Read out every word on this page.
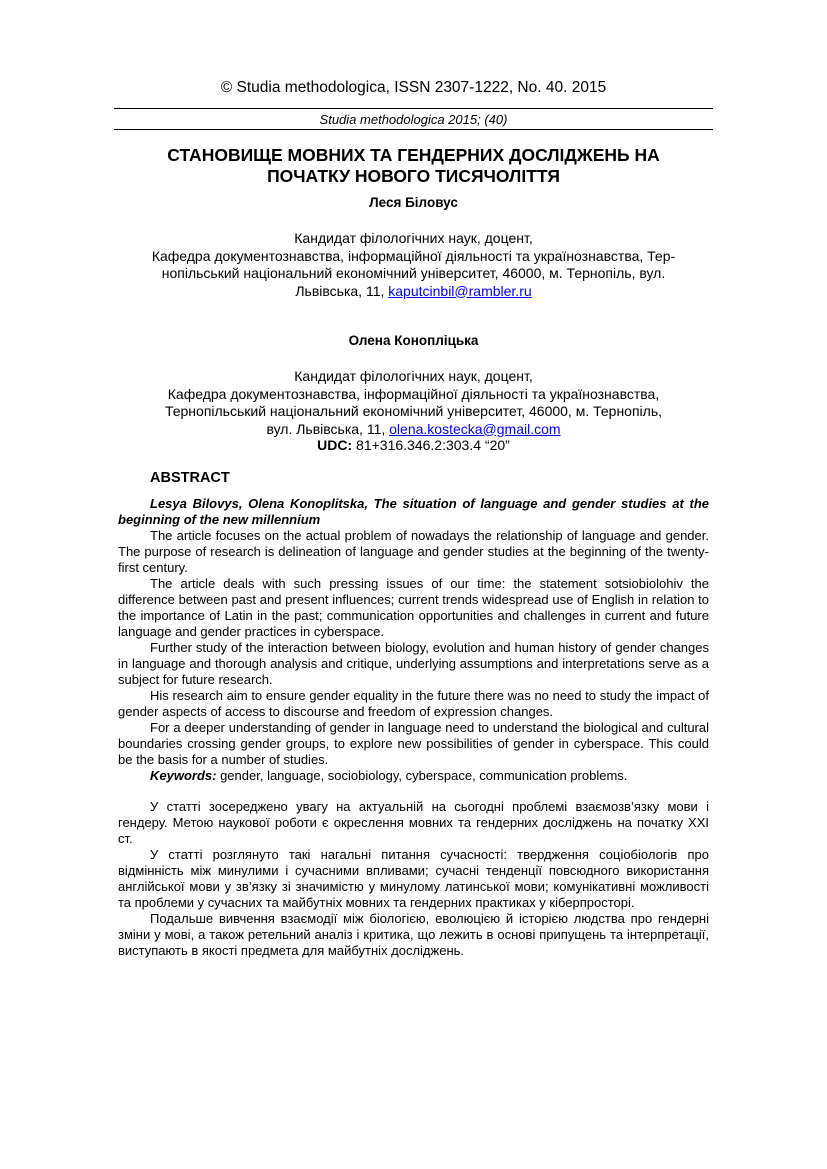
© Studia methodologica, ISSN 2307-1222, No. 40. 2015
Studia methodologica 2015; (40)
СТАНОВИЩЕ МОВНИХ ТА ГЕНДЕРНИХ ДОСЛІДЖЕНЬ НА
ПОЧАТКУ НОВОГО ТИСЯЧОЛІТТЯ
Леся Біловус
Кандидат філологічних наук, доцент,
Кафедра документознавства, інформаційної діяльності та українознавства, Тер-
нопільський національний економічний університет, 46000, м. Тернопіль, вул.
Львівська, 11, kaputcinbil@rambler.ru
Олена Конопліцька
Кандидат філологічних наук, доцент,
Кафедра документознавства, інформаційної діяльності та українознавства,
Тернопільський національний економічний університет, 46000, м. Тернопіль,
вул. Львівська, 11, olena.kostecka@gmail.com
UDC: 81+316.346.2:303.4 “20”
ABSTRACT

Lesya Bilovys, Olena Konoplitska, The situation of language and gender studies at the beginning of the new millennium

The article focuses on the actual problem of nowadays the relationship of language and gender. The purpose of research is delineation of language and gender studies at the beginning of the twenty-first century.

The article deals with such pressing issues of our time: the statement sotsiobiolohiv the difference between past and present influences; current trends widespread use of English in relation to the importance of Latin in the past; communication opportunities and challenges in current and future language and gender practices in cyberspace.

Further study of the interaction between biology, evolution and human history of gender changes in language and thorough analysis and critique, underlying assumptions and interpretations serve as a subject for future research.

His research aim to ensure gender equality in the future there was no need to study the impact of gender aspects of access to discourse and freedom of expression changes.

For a deeper understanding of gender in language need to understand the biological and cultural boundaries crossing gender groups, to explore new possibilities of gender in cyberspace. This could be the basis for a number of studies.

Keywords: gender, language, sociobiology, cyberspace, communication problems.

У статті зосереджено увагу на актуальній на сьогодні проблемі взаємозв’язку мови і гендеру. Метою наукової роботи є окреслення мовних та гендерних досліджень на початку XXI ст.

У статті розглянуто такі нагальні питання сучасності: твердження соціобіологів про відмінність між минулими і сучасними впливами; сучасні тенденції повсюдного використання англійської мови у зв’язку зі значимістю у минулому латинської мови; комунікативні можливості та проблеми у сучасних та майбутніх мовних та гендерних практиках у кіберпросторі.

Подальше вивчення взаємодії між біологією, еволюцією й історією людства про гендерні зміни у мові, а також ретельний аналіз і критика, що лежить в основі припущень та інтерпретації, виступають в якості предмета для майбутніх досліджень.
